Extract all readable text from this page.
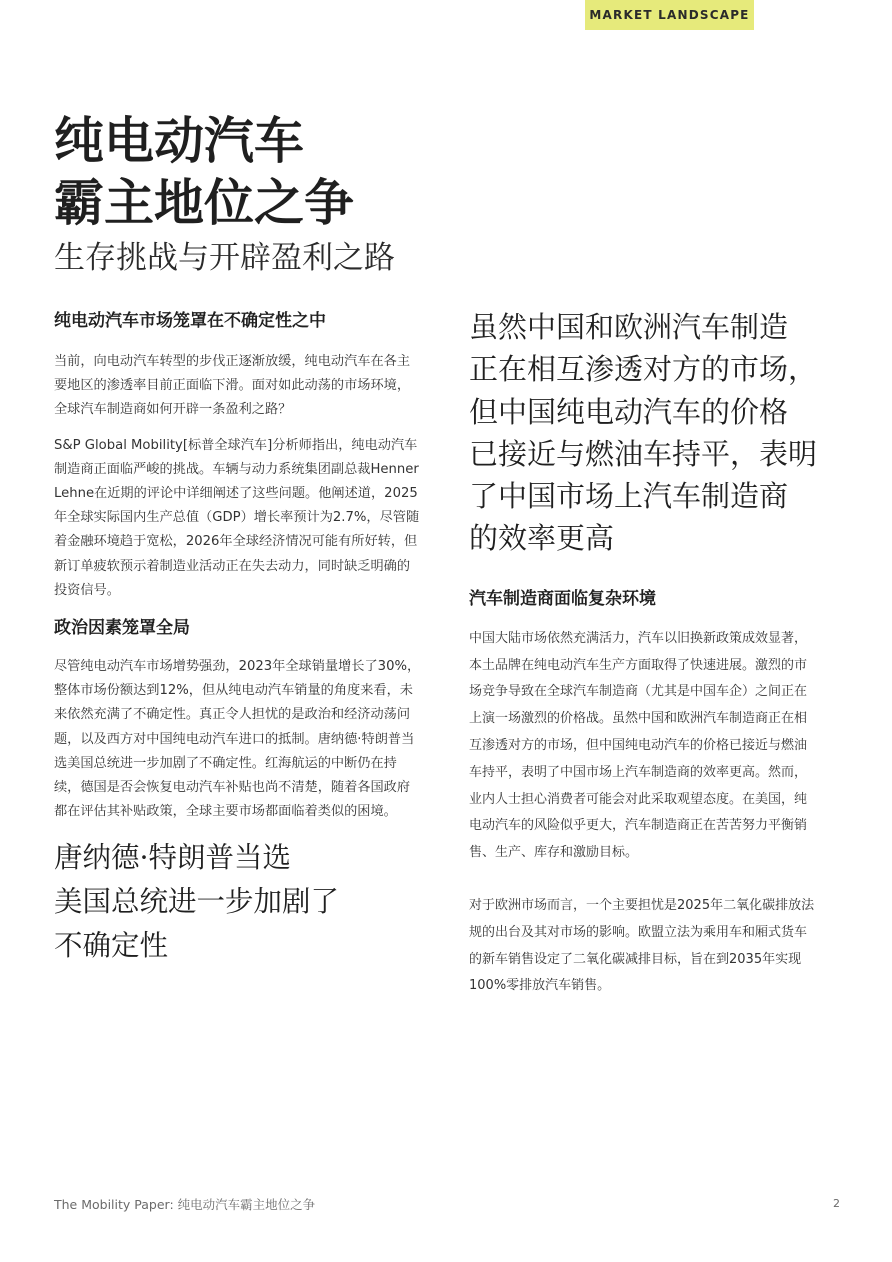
MARKET LANDSCAPE
纯电动汽车
霸主地位之争
生存挑战与开辟盈利之路
纯电动汽车市场笼罩在不确定性之中

当前，向电动汽车转型的步伐正逐渐放缓，纯电动汽车在各主要地区的渗透率目前正面临下滑。面对如此动荡的市场环境，全球汽车制造商如何开辟一条盈利之路？

S&P Global Mobility[标普全球汽车]分析师指出，纯电动汽车制造商正面临严峻的挑战。车辆与动力系统集团副总裁Henner Lehne在近期的评论中详细阐述了这些问题。他阐述道，2025年全球实际国内生产总值（GDP）增长率预计为2.7%，尽管随着金融环境趋于宽松，2026年全球经济情况可能有所好转，但新订单疲软预示着制造业活动正在失去动力，同时缺乏明确的投资信号。

政治因素笼罩全局

尽管纯电动汽车市场增势强劲，2023年全球销量增长了30%，整体市场份额达到12%，但从纯电动汽车销量的角度来看，未来依然充满了不确定性。真正令人担忧的是政治和经济动荡问题，以及西方对中国纯电动汽车进口的抵制。唐纳德·特朗普当选美国总统进一步加剧了不确定性。红海航运的中断仍在持续，德国是否会恢复电动汽车补贴也尚不清楚，随着各国政府都在评估其补贴政策，全球主要市场都面临着类似的困境。

唐纳德·特朗普当选
美国总统进一步加剧了
不确定性
虽然中国和欧洲汽车制造
正在相互渗透对方的市场，
但中国纯电动汽车的价格
已接近与燃油车持平，表明
了中国市场上汽车制造商
的效率更高
汽车制造商面临复杂环境

中国大陆市场依然充满活力，汽车以旧换新政策成效显著，本土品牌在纯电动汽车生产方面取得了快速进展。激烈的市场竞争导致在全球汽车制造商（尤其是中国车企）之间正在上演一场激烈的价格战。虽然中国和欧洲汽车制造商正在相互渗透对方的市场，但中国纯电动汽车的价格已接近与燃油车持平，表明了中国市场上汽车制造商的效率更高。然而，业内人士担心消费者可能会对此采取观望态度。在美国，纯电动汽车的风险似乎更大，汽车制造商正在苦苦努力平衡销售、生产、库存和激励目标。

对于欧洲市场而言，一个主要担忧是2025年二氧化碳排放法规的出台及其对市场的影响。欧盟立法为乘用车和厢式货车的新车销售设定了二氧化碳减排目标，旨在到2035年实现100%零排放汽车销售。

The Mobility Paper: 纯电动汽车霸主地位之争	2
